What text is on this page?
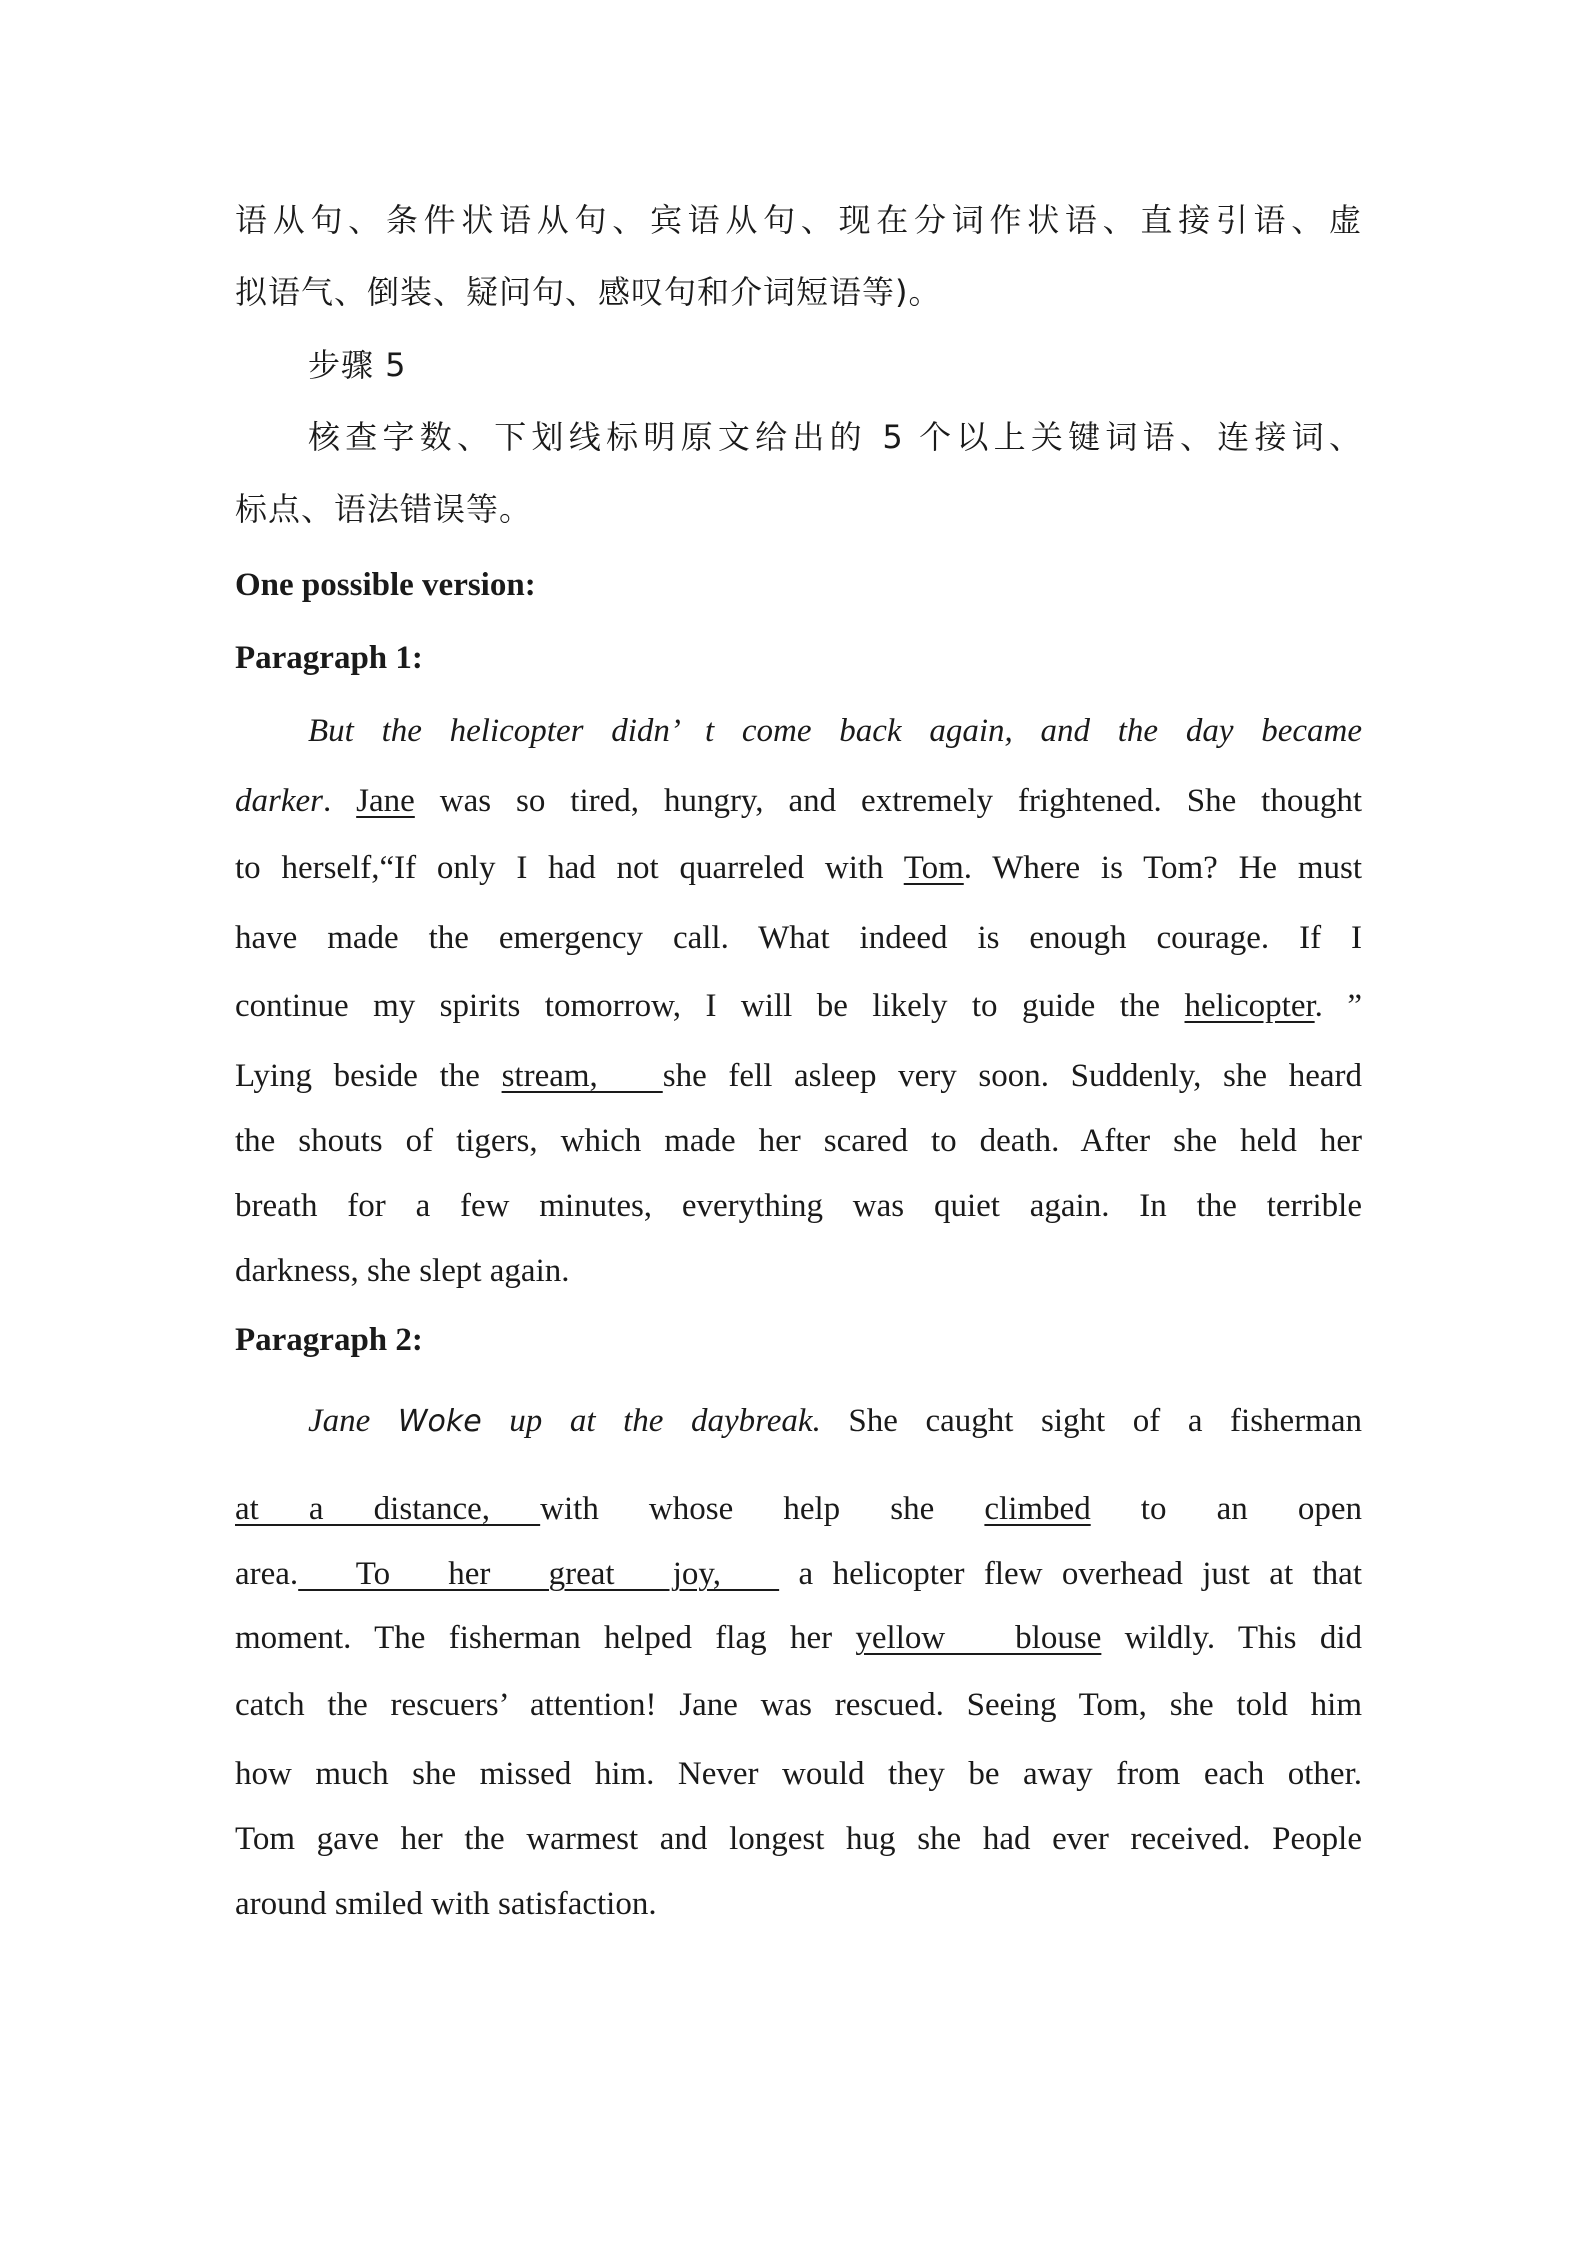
语从句、条件状语从句、宾语从句、现在分词作状语、直接引语、虚
拟语气、倒装、疑问句、感叹句和介词短语等)。
步骤 5
核查字数、下划线标明原文给出的 5 个以上关键词语、连接词、
标点、语法错误等。
One possible version:
Paragraph 1:
But the helicopter didn’ t come back again, and the day became
darker. Jane was so tired, hungry, and extremely frightened. She thought
to herself,“If only I had not quarreled with Tom. Where is Tom? He must
have made the emergency call. What indeed is enough courage. If I
continue my spirits tomorrow, I will be likely to guide the helicopter. ”
Lying beside the stream,   she fell asleep very soon. Suddenly, she heard
the shouts of tigers, which made her scared to death. After she held her
breath for a few minutes, everything was quiet again. In the terrible
darkness, she slept again.
Paragraph 2:
Jane Woke up at the daybreak. She caught sight of a fisherman
at  a  distance,  with  whose  help  she  climbed  to  an  open
area.   To   her   great   joy,    a helicopter flew overhead just at that
moment. The fisherman helped flag her yellow   blouse wildly. This did
catch the rescuers’ attention! Jane was rescued. Seeing Tom, she told him
how much she missed him. Never would they be away from each other.
Tom gave her the warmest and longest hug she had ever received. People
around smiled with satisfaction.
